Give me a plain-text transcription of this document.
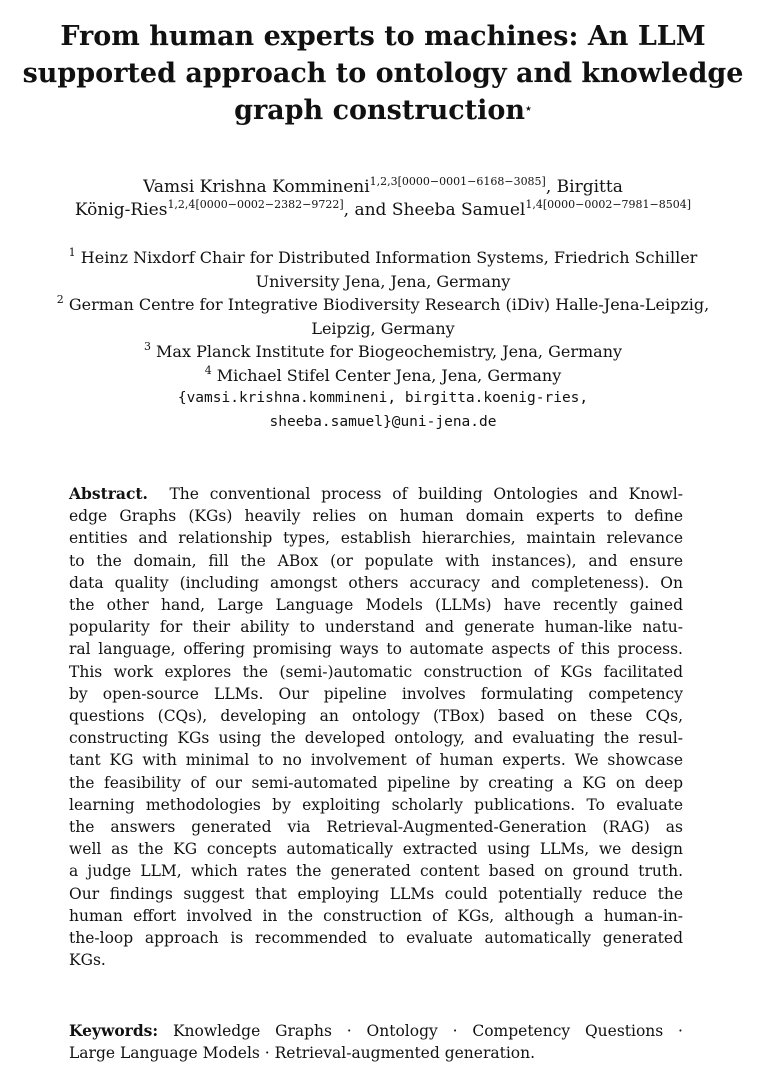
From human experts to machines: An LLM
supported approach to ontology and knowledge
graph construction⋆
Vamsi Krishna Kommineni$^{1,2,3[0000-0001-6168-3085]}$, Birgitta
König-Ries$^{1,2,4[0000-0002-2382-9722]}$, and Sheeba Samuel$^{1,4[0000-0002-7981-8504]}$
$^1$ Heinz Nixdorf Chair for Distributed Information Systems, Friedrich Schiller
University Jena, Jena, Germany
$^2$ German Centre for Integrative Biodiversity Research (iDiv) Halle-Jena-Leipzig,
Leipzig, Germany
$^3$ Max Planck Institute for Biogeochemistry, Jena, Germany
$^4$ Michael Stifel Center Jena, Jena, Germany
{vamsi.krishna.kommineni, birgitta.koenig-ries,
sheeba.samuel}@uni-jena.de
Abstract. The conventional process of building Ontologies and Knowl-
edge Graphs (KGs) heavily relies on human domain experts to define
entities and relationship types, establish hierarchies, maintain relevance
to the domain, fill the ABox (or populate with instances), and ensure
data quality (including amongst others accuracy and completeness). On
the other hand, Large Language Models (LLMs) have recently gained
popularity for their ability to understand and generate human-like natu-
ral language, offering promising ways to automate aspects of this process.
This work explores the (semi-)automatic construction of KGs facilitated
by open-source LLMs. Our pipeline involves formulating competency
questions (CQs), developing an ontology (TBox) based on these CQs,
constructing KGs using the developed ontology, and evaluating the resul-
tant KG with minimal to no involvement of human experts. We showcase
the feasibility of our semi-automated pipeline by creating a KG on deep
learning methodologies by exploiting scholarly publications. To evaluate
the answers generated via Retrieval-Augmented-Generation (RAG) as
well as the KG concepts automatically extracted using LLMs, we design
a judge LLM, which rates the generated content based on ground truth.
Our findings suggest that employing LLMs could potentially reduce the
human effort involved in the construction of KGs, although a human-in-
the-loop approach is recommended to evaluate automatically generated
KGs.
Keywords: Knowledge Graphs · Ontology · Competency Questions ·
Large Language Models · Retrieval-augmented generation.
